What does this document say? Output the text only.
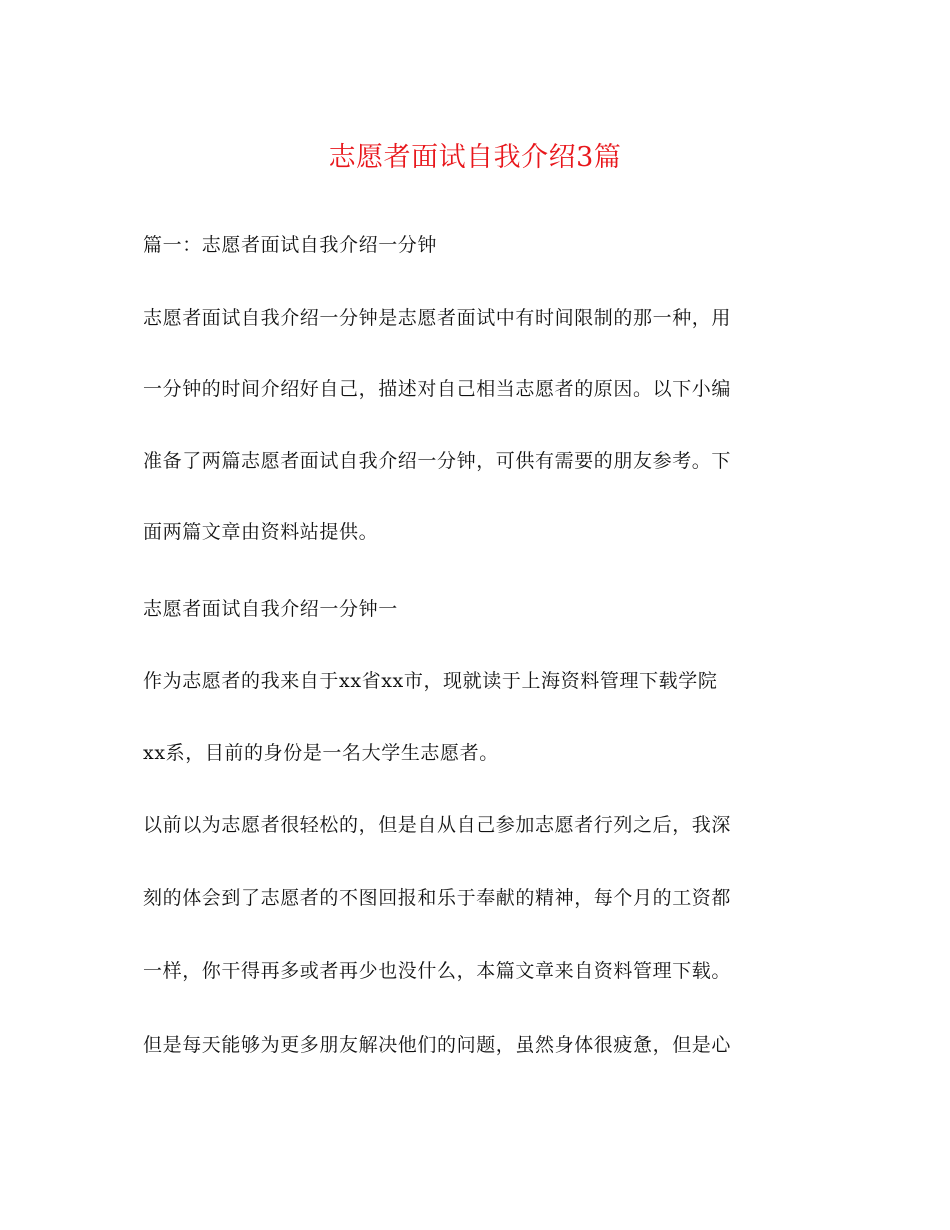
志愿者面试自我介绍3篇
篇一：志愿者面试自我介绍一分钟
志愿者面试自我介绍一分钟是志愿者面试中有时间限制的那一种，用
一分钟的时间介绍好自己，描述对自己相当志愿者的原因。以下小编
准备了两篇志愿者面试自我介绍一分钟，可供有需要的朋友参考。下
面两篇文章由资料站提供。
志愿者面试自我介绍一分钟一
作为志愿者的我来自于xx省xx市，现就读于上海资料管理下载学院
xx系，目前的身份是一名大学生志愿者。
以前以为志愿者很轻松的，但是自从自己参加志愿者行列之后，我深
刻的体会到了志愿者的不图回报和乐于奉献的精神，每个月的工资都
一样，你干得再多或者再少也没什么，本篇文章来自资料管理下载。
但是每天能够为更多朋友解决他们的问题，虽然身体很疲惫，但是心
